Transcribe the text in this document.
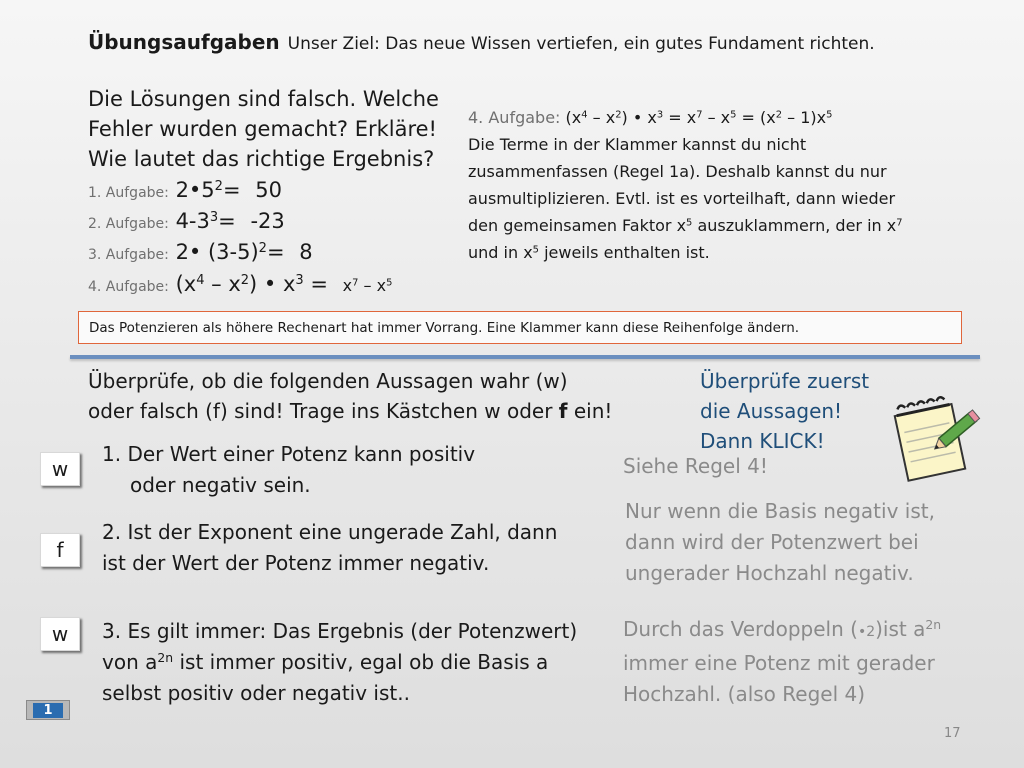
Übungsaufgaben Unser Ziel: Das neue Wissen vertiefen, ein gutes Fundament richten.
Die Lösungen sind falsch. Welche
Fehler wurden gemacht? Erkläre!
Wie lautet das richtige Ergebnis?
1. Aufgabe: $2•5^2= 50$
2. Aufgabe: $4-3^3= -23$
3. Aufgabe: 2• $(3-5)^2= 8$
4. Aufgabe: $(x^4 - x^2)$ • $x^3 = x^7 - x^5$
4. Aufgabe: $(x^4 - x^2)$ • $x^3 = x^7 - x^5 = (x^2 - 1)x^5$
Die Terme in der Klammer kannst du nicht
zusammenfassen (Regel 1a). Deshalb kannst du nur
ausmultiplizieren. Evtl. ist es vorteilhaft, dann wieder
den gemeinsamen Faktor $x^5$ auszuklammern, der in $x^7$
und in $x^5$ jeweils enthalten ist.
Das Potenzieren als höhere Rechenart hat immer Vorrang. Eine Klammer kann diese Reihenfolge ändern.
Überprüfe, ob die folgenden Aussagen wahr (w)
oder falsch (f) sind! Trage ins Kästchen w oder f ein!
Überprüfe zuerst
die Aussagen!
Dann KLICK!
w
1. Der Wert einer Potenz kann positiv
oder negativ sein.
Siehe Regel 4!
f
2. Ist der Exponent eine ungerade Zahl, dann
ist der Wert der Potenz immer negativ.
Nur wenn die Basis negativ ist,
dann wird der Potenzwert bei
ungerader Hochzahl negativ.
w	3. Es gilt immer: Das Ergebnis (der Potenzwert)
von $a^{2n}$ ist immer positiv, egal ob die Basis a
selbst positiv oder negativ ist..
Durch das Verdoppeln (•2)ist $a^{2n}$
immer eine Potenz mit gerader
Hochzahl. (also Regel 4)
1
17
